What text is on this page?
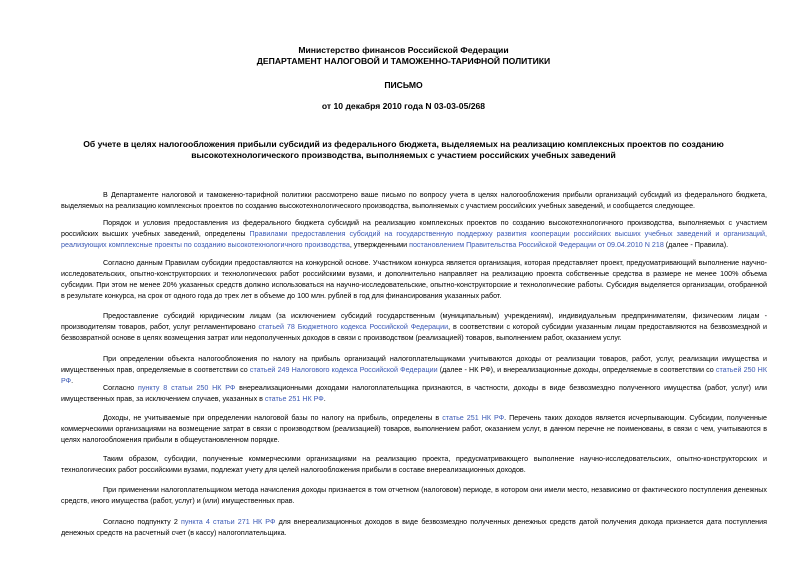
Министерство финансов Российской Федерации
ДЕПАРТАМЕНТ НАЛОГОВОЙ И ТАМОЖЕННО-ТАРИФНОЙ ПОЛИТИКИ
ПИСЬМО
от 10 декабря 2010 года N 03-03-05/268
Об учете в целях налогообложения прибыли субсидий из федерального бюджета, выделяемых на реализацию комплексных проектов по созданию
высокотехнологического производства, выполняемых с участием российских учебных заведений

В Департаменте налоговой и таможенно-тарифной политики рассмотрено ваше письмо по вопросу учета в целях налогообложения прибыли организаций субсидий из федерального бюджета, выделяемых на реализацию комплексных проектов по созданию высокотехнологического производства, выполняемых с участием российских учебных заведений, и сообщается следующее.

Порядок и условия предоставления из федерального бюджета субсидий на реализацию комплексных проектов по созданию высокотехнологичного производства, выполняемых с участием российских высших учебных заведений, определены Правилами предоставления субсидий на государственную поддержку развития кооперации российских высших учебных заведений и организаций, реализующих комплексные проекты по созданию высокотехнологичного производства, утвержденными постановлением Правительства Российской Федерации от 09.04.2010 N 218 (далее - Правила).

Согласно данным Правилам субсидии предоставляются на конкурсной основе. Участником конкурса является организация, которая представляет проект, предусматривающий выполнение научно-исследовательских, опытно-конструкторских и технологических работ российскими вузами, и дополнительно направляет на реализацию проекта собственные средства в размере не менее 100% объема субсидии. При этом не менее 20% указанных средств должно использоваться на научно-исследовательские, опытно-конструкторские и технологические работы. Субсидия выделяется организации, отобранной в результате конкурса, на срок от одного года до трех лет в объеме до 100 млн. рублей в год для финансирования указанных работ.

Предоставление субсидий юридическим лицам (за исключением субсидий государственным (муниципальным) учреждениям), индивидуальным предпринимателям, физическим лицам - производителям товаров, работ, услуг регламентировано статьей 78 Бюджетного кодекса Российской Федерации, в соответствии с которой субсидии указанным лицам предоставляются на безвозмездной и безвозвратной основе в целях возмещения затрат или недополученных доходов в связи с производством (реализацией) товаров, выполнением работ, оказанием услуг.

При определении объекта налогообложения по налогу на прибыль организаций налогоплательщиками учитываются доходы от реализации товаров, работ, услуг, реализации имущества и имущественных прав, определяемые в соответствии со статьей 249 Налогового кодекса Российской Федерации (далее - НК РФ), и внереализационные доходы, определяемые в соответствии со статьей 250 НК РФ.

Согласно пункту 8 статьи 250 НК РФ внереализационными доходами налогоплательщика признаются, в частности, доходы в виде безвозмездно полученного имущества (работ, услуг) или имущественных прав, за исключением случаев, указанных в статье 251 НК РФ.

Доходы, не учитываемые при определении налоговой базы по налогу на прибыль, определены в статье 251 НК РФ. Перечень таких доходов является исчерпывающим. Субсидии, полученные коммерческими организациями на возмещение затрат в связи с производством (реализацией) товаров, выполнением работ, оказанием услуг, в данном перечне не поименованы, в связи с чем, учитываются в целях налогообложения прибыли в общеустановленном порядке.

Таким образом, субсидии, полученные коммерческими организациями на реализацию проекта, предусматривающего выполнение научно-исследовательских, опытно-конструкторских и технологических работ российскими вузами, подлежат учету для целей налогообложения прибыли в составе внереализационных доходов.

При применении налогоплательщиком метода начисления доходы признается в том отчетном (налоговом) периоде, в котором они имели место, независимо от фактического поступления денежных средств, иного имущества (работ, услуг) и (или) имущественных прав.

Согласно подпункту 2 пункта 4 статьи 271 НК РФ для внереализационных доходов в виде безвозмездно полученных денежных средств датой получения дохода признается дата поступления денежных средств на расчетный счет (в кассу) налогоплательщика.
